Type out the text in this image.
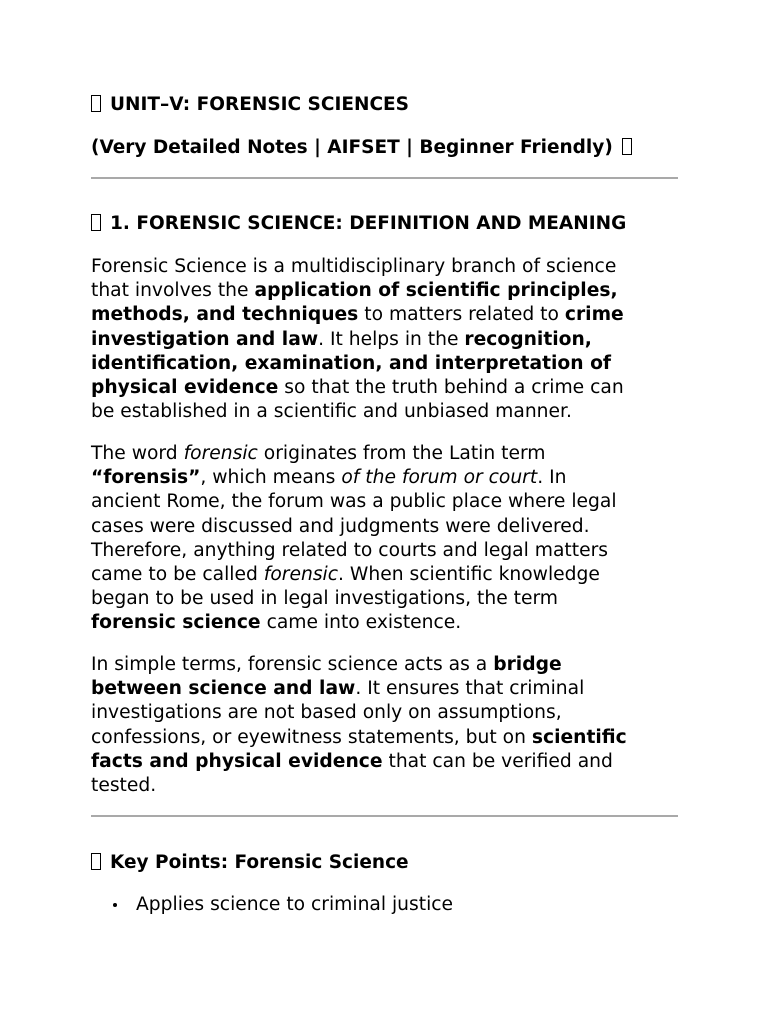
UNIT–V: FORENSIC SCIENCES
(Very Detailed Notes | AIFSET | Beginner Friendly)
1. FORENSIC SCIENCE: DEFINITION AND MEANING
Forensic Science is a multidisciplinary branch of science
that involves the application of scientific principles,
methods, and techniques to matters related to crime
investigation and law. It helps in the recognition,
identification, examination, and interpretation of
physical evidence so that the truth behind a crime can
be established in a scientific and unbiased manner.
The word forensic originates from the Latin term
“forensis”, which means of the forum or court. In
ancient Rome, the forum was a public place where legal
cases were discussed and judgments were delivered.
Therefore, anything related to courts and legal matters
came to be called forensic. When scientific knowledge
began to be used in legal investigations, the term
forensic science came into existence.
In simple terms, forensic science acts as a bridge
between science and law. It ensures that criminal
investigations are not based only on assumptions,
confessions, or eyewitness statements, but on scientific
facts and physical evidence that can be verified and
tested.
Key Points: Forensic Science
Applies science to criminal justice
